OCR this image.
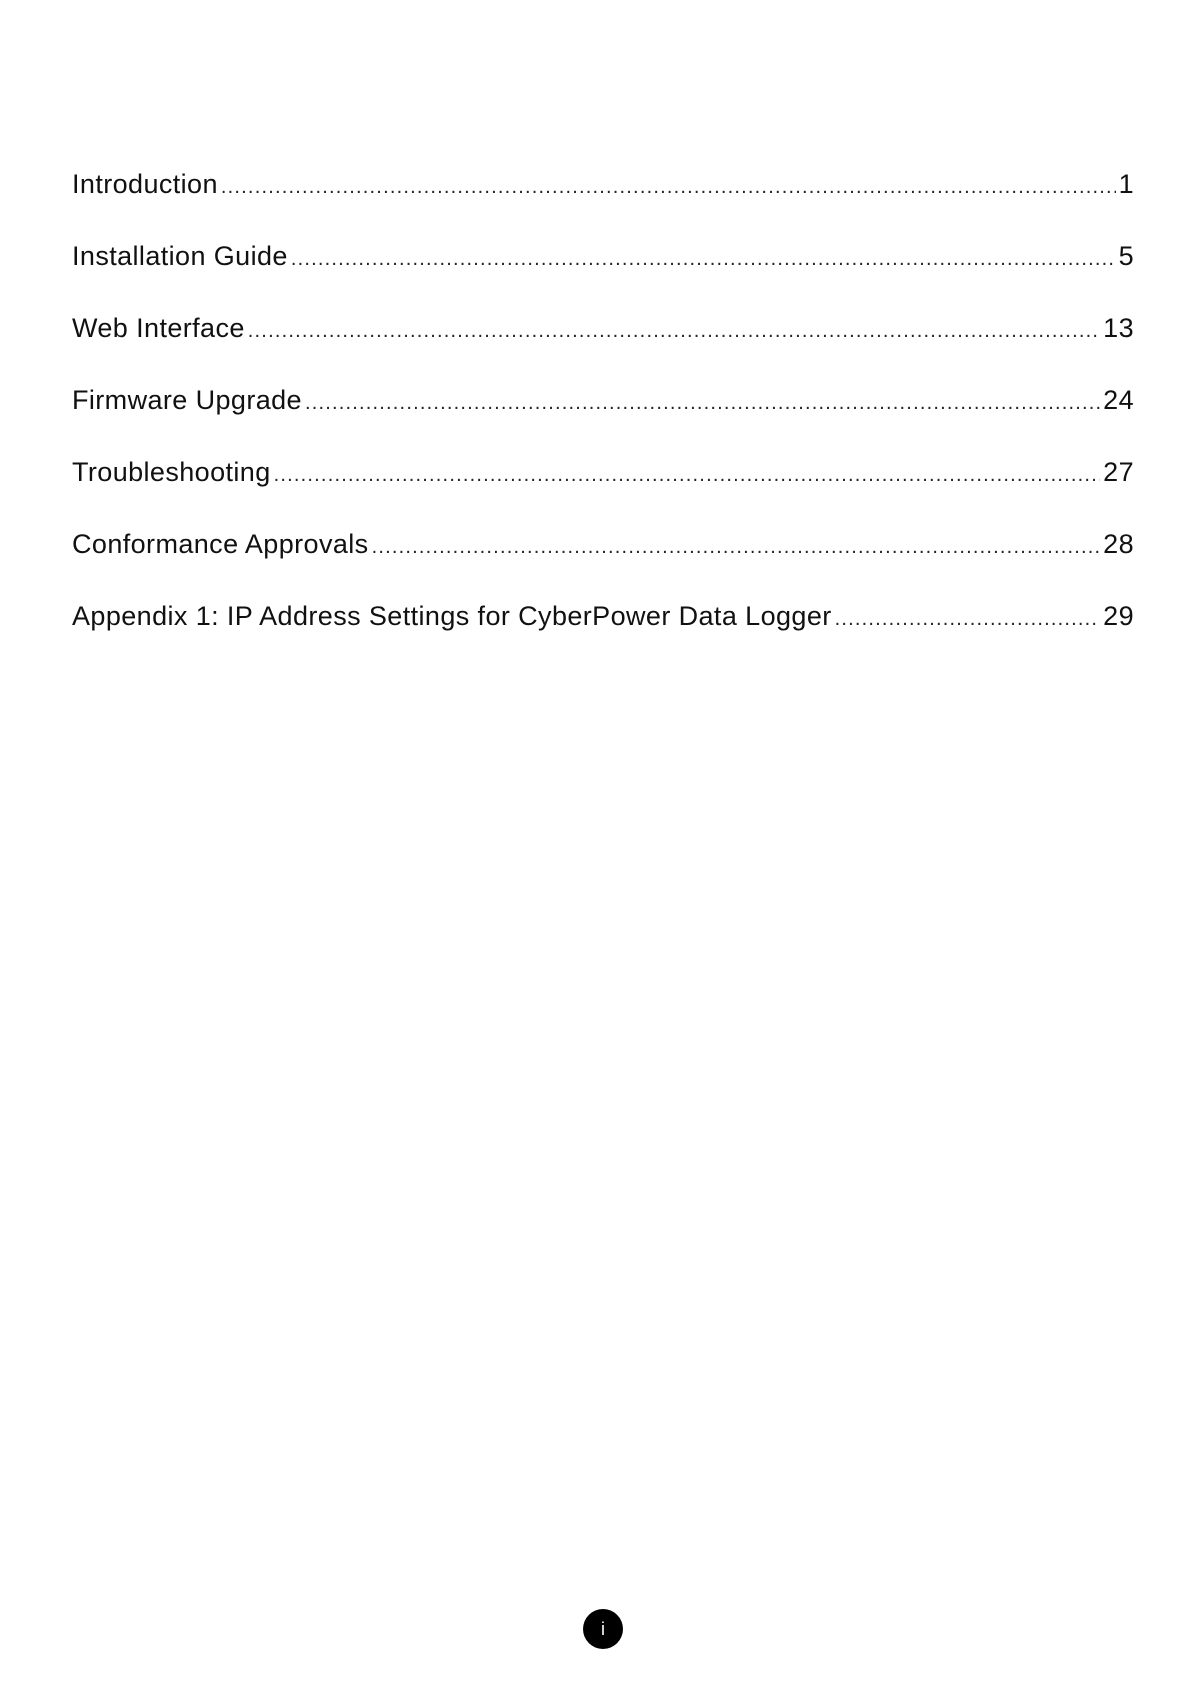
Introduction .....	1
Installation Guide .....	5
Web Interface .....	13
Firmware Upgrade .....	24
Troubleshooting .....	27
Conformance Approvals .....	28
Appendix 1: IP Address Settings for CyberPower Data Logger .....	29
i
